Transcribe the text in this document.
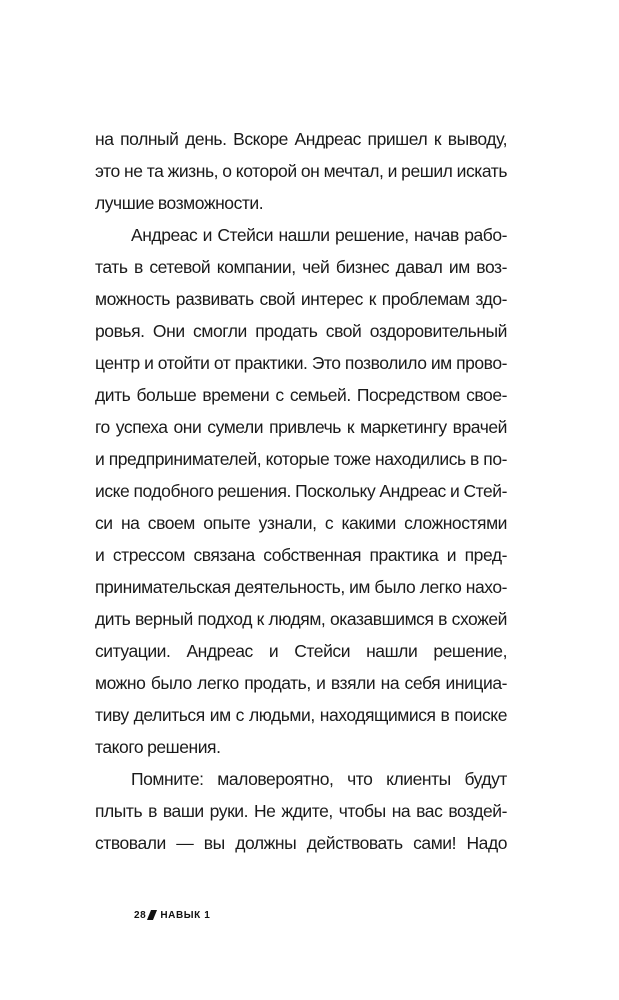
на полный день. Вскоре Андреас пришел к выводу,
это не та жизнь, о которой он мечтал, и решил искать
лучшие возможности.
Андреас и Стейси нашли решение, начав рабо-
тать в сетевой компании, чей бизнес давал им воз-
можность развивать свой интерес к проблемам здо-
ровья. Они смогли продать свой оздоровительный
центр и отойти от практики. Это позволило им прово-
дить больше времени с семьей. Посредством свое-
го успеха они сумели привлечь к маркетингу врачей
и предпринимателей, которые тоже находились в по-
иске подобного решения. Поскольку Андреас и Стей-
си на своем опыте узнали, с какими сложностями
и стрессом связана собственная практика и пред-
принимательская деятельность, им было легко нахо-
дить верный подход к людям, оказавшимся в схожей
ситуации. Андреас и Стейси нашли решение,
можно было легко продать, и взяли на себя инициа-
тиву делиться им с людьми, находящимися в поиске
такого решения.
Помните: маловероятно, что клиенты будут
плыть в ваши руки. Не ждите, чтобы на вас воздей-
ствовали — вы должны действовать сами! Надо
28 НАВЫК 1
